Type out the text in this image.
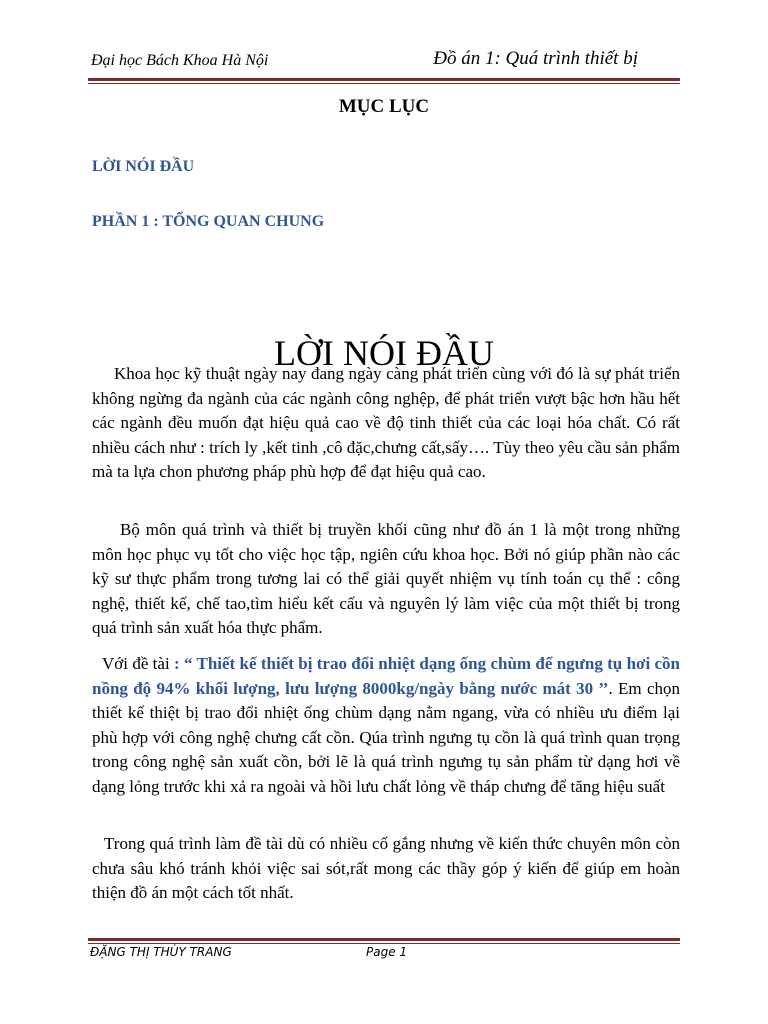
Đại học Bách Khoa Hà Nội	Đồ án 1: Quá trình thiết bị
MỤC LỤC
LỜI NÓI ĐẦU
PHẦN 1 : TỔNG QUAN CHUNG
LỜI NÓI ĐẦU
Khoa học kỹ thuật ngày nay đang ngày càng phát triển cùng với đó là sự phát triển không ngừng đa ngành của các ngành công nghệp, để phát triển vượt bậc hơn hầu hết các ngành đều muốn đạt hiệu quả cao về độ tinh thiết của các loại hóa chất. Có rất nhiều cách như : trích ly ,kết tinh ,cô đặc,chưng cất,sấy…. Tùy theo yêu cầu sản phẩm mà ta lựa chon phương pháp phù hợp để đạt hiệu quả cao.
Bộ môn quá trình và thiết bị truyền khối cũng như đồ án 1 là một trong những môn học phục vụ tốt cho việc học tập, ngiên cứu khoa học. Bởi nó giúp phần nào các kỹ sư thực phẩm trong tương lai có thể giải quyết nhiệm vụ tính toán cụ thể : công nghệ, thiết kế, chế tao,tìm hiểu kết cấu và nguyên lý làm việc của một thiết bị trong quá trình sản xuất hóa thực phẩm.
Với đề tài : “ Thiết kế thiết bị trao đổi nhiệt dạng ống chùm để ngưng tụ hơi cồn nồng độ 94% khối lượng, lưu lượng 8000kg/ngày bằng nước mát 30 ’’. Em chọn thiết kế thiệt bị trao đổi nhiệt ống chùm dạng nằm ngang, vừa có nhiều ưu điểm lại phù hợp với công nghệ chưng cất cồn. Qúa trình ngưng tụ cồn là quá trình quan trọng trong công nghệ sản xuất cồn, bởi lẽ là quá trình ngưng tụ sản phẩm từ dạng hơi về dạng lỏng trước khi xả ra ngoài và hồi lưu chất lỏng về tháp chưng để tăng hiệu suất
Trong quá trình làm đề tài dù có nhiều cố gắng nhưng về kiến thức chuyên môn còn chưa sâu khó tránh khỏi việc sai sót,rất mong các thầy góp ý kiến để giúp em hoàn thiện đồ án một cách tốt nhất.
ĐẶNG THỊ THÙY TRANG	Page 1
